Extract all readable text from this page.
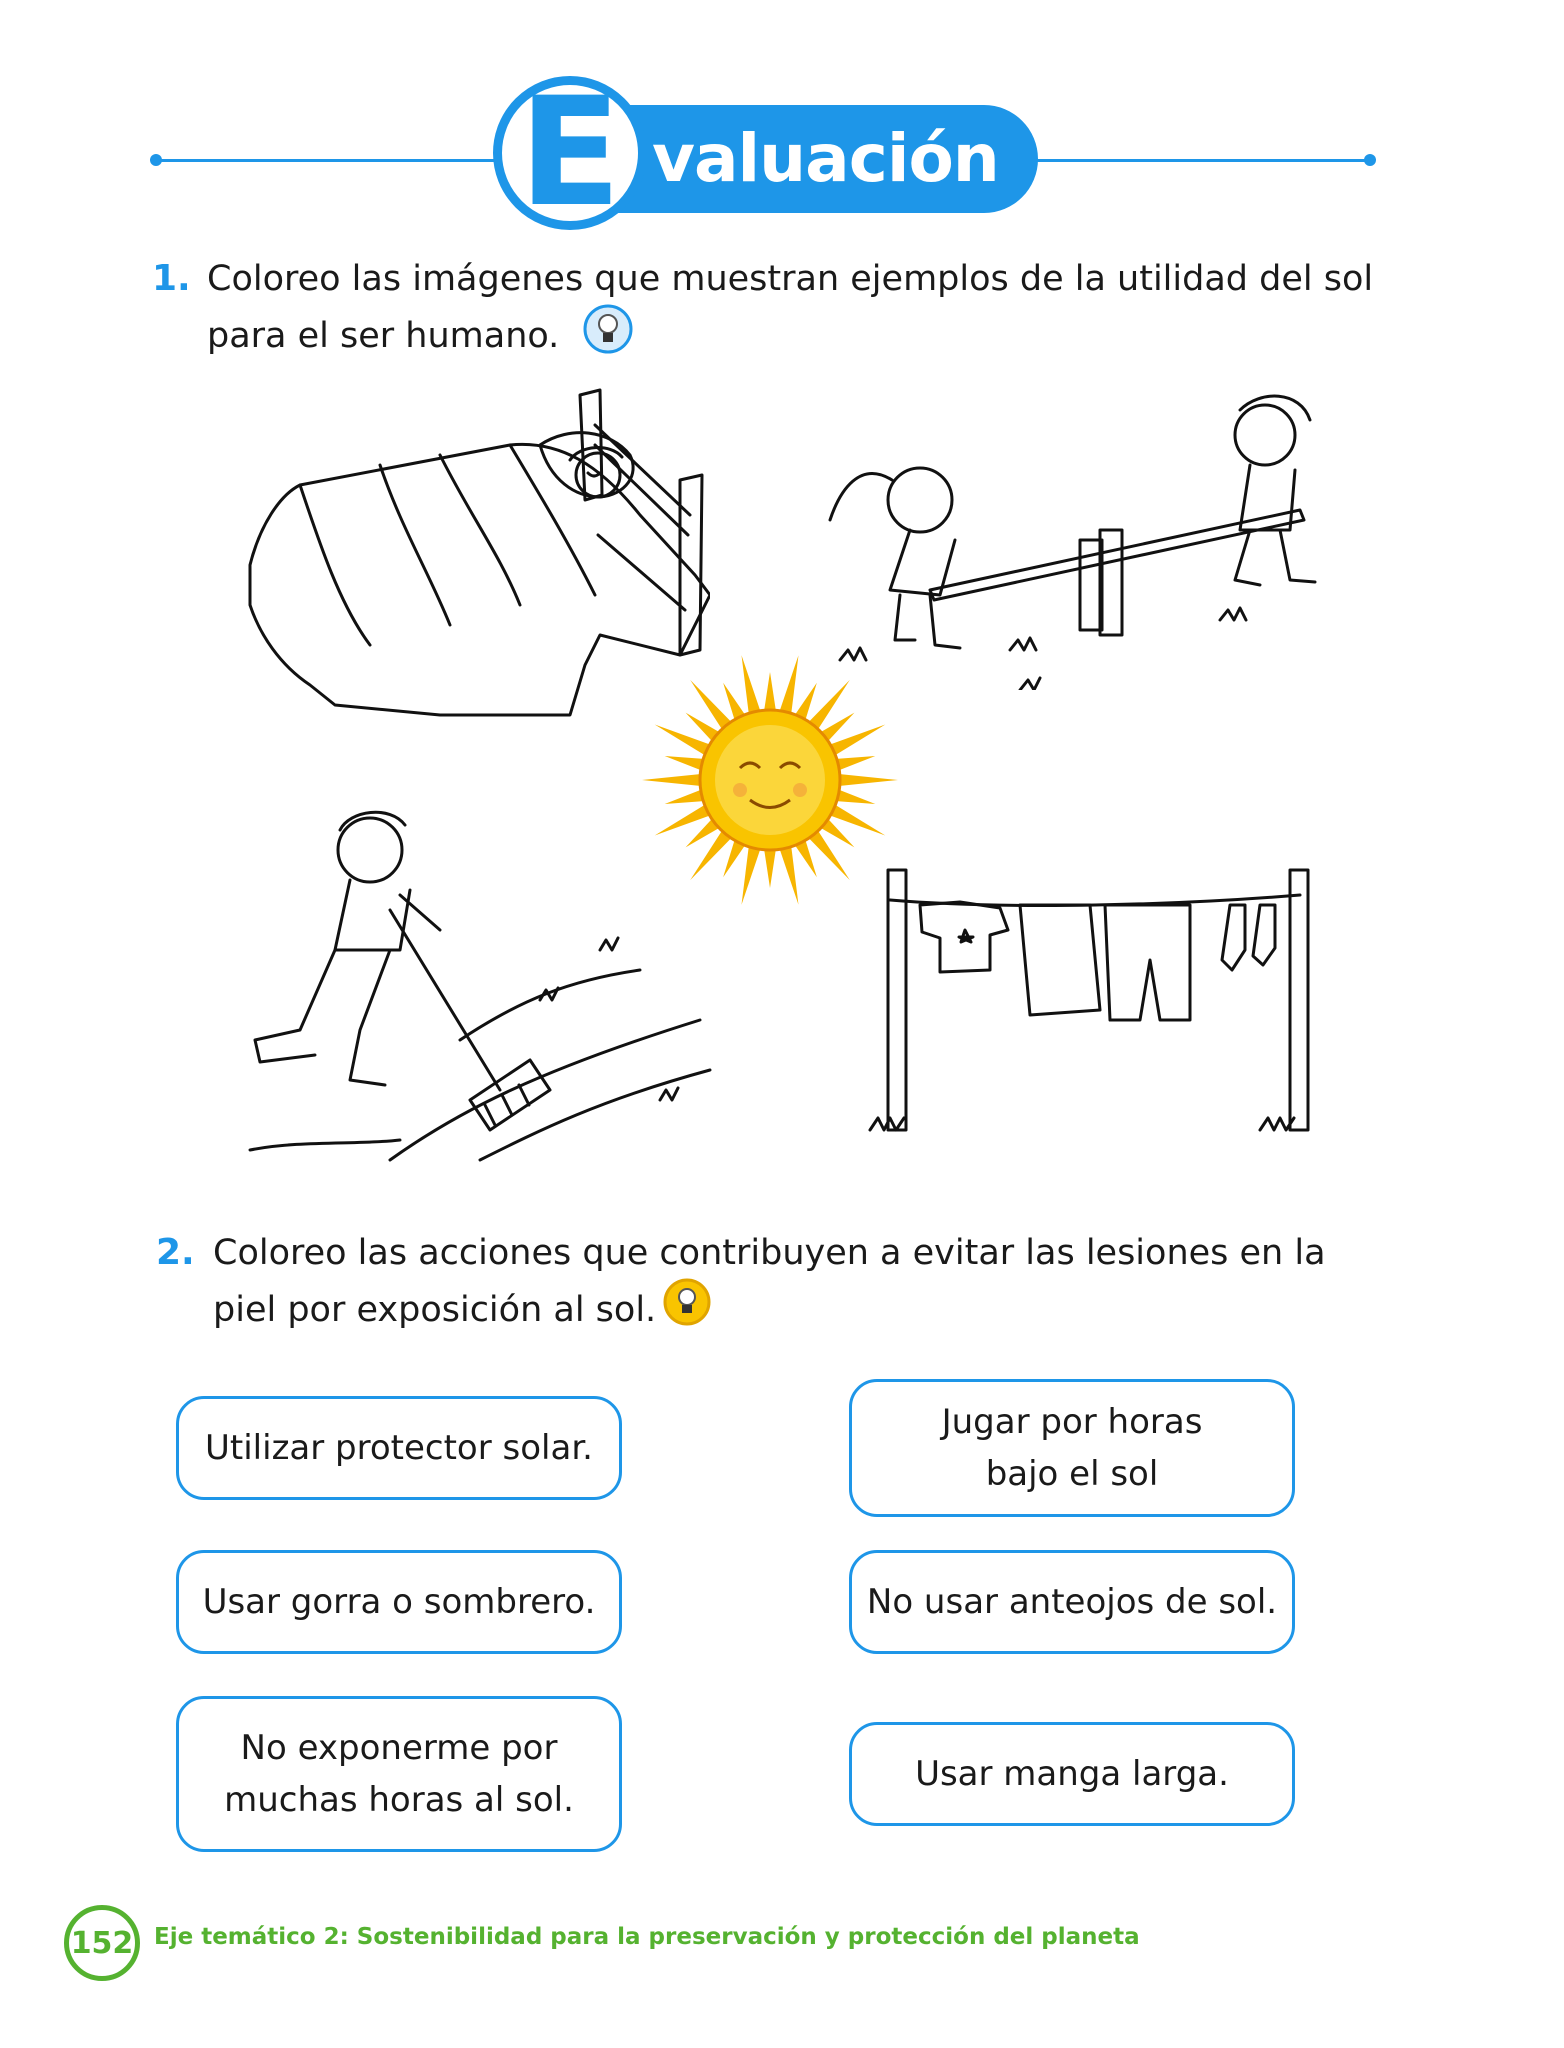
valuación
E
1. Coloreo las imágenes que muestran ejemplos de la utilidad del sol
para el ser humano.
2. Coloreo las acciones que contribuyen a evitar las lesiones en la
piel por exposición al sol.
Utilizar protector solar.
Jugar por horas
bajo el sol
Usar gorra o sombrero.	No usar anteojos de sol.
No exponerme por
muchas horas al sol.
Usar manga larga.
152 Eje temático 2: Sostenibilidad para la preservación y protección del planeta
